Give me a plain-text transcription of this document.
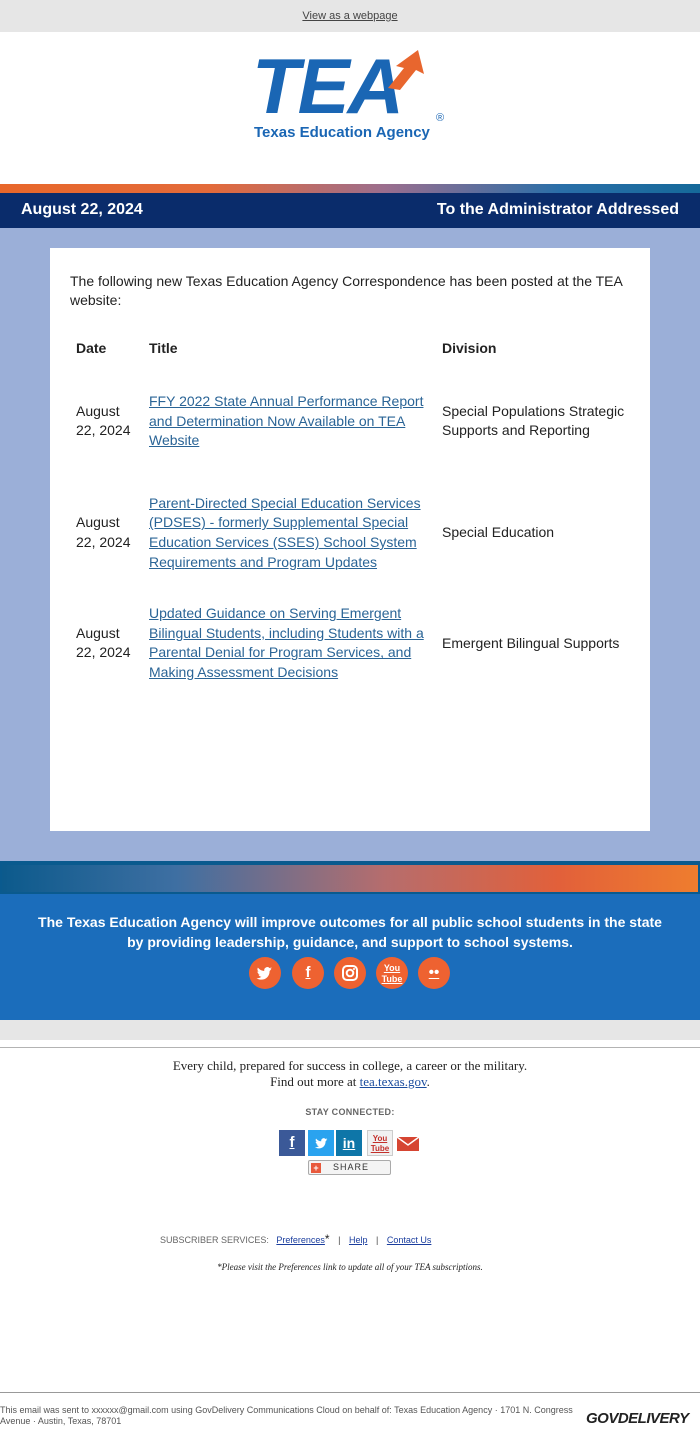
View as a webpage
TEA	®
Texas Education Agency
August 22, 2024	To the Administrator Addressed

The following new Texas Education Agency Correspondence has been posted at the TEA website:

Date	Title	Division

August 22, 2024	FFY 2022 State Annual Performance Report and Determination Now Available on TEA Website	Special Populations Strategic Supports and Reporting

August 22, 2024	Parent-Directed Special Education Services (PDSES) - formerly Supplemental Special Education Services (SSES) School System Requirements and Program Updates	Special Education

August 22, 2024	Updated Guidance on Serving Emergent Bilingual Students, including Students with a Parental Denial for Program Services, and Making Assessment Decisions	Emergent Bilingual Supports
The Texas Education Agency will improve outcomes for all public school students in the state by providing leadership, guidance, and support to school systems.
f	You
Tube	••
Every child, prepared for success in college, a career or the military.
Find out more at tea.texas.gov.
STAY CONNECTED:
f	in	You
Tube
+ SHARE
SUBSCRIBER SERVICES: Preferences* | Help | Contact Us
*Please visit the Preferences link to update all of your TEA subscriptions.
This email was sent to xxxxxx@gmail.com using GovDelivery Communications Cloud on behalf of: Texas Education Agency · 1701 N. Congress Avenue · Austin, Texas, 78701	GOVDELIVERY
